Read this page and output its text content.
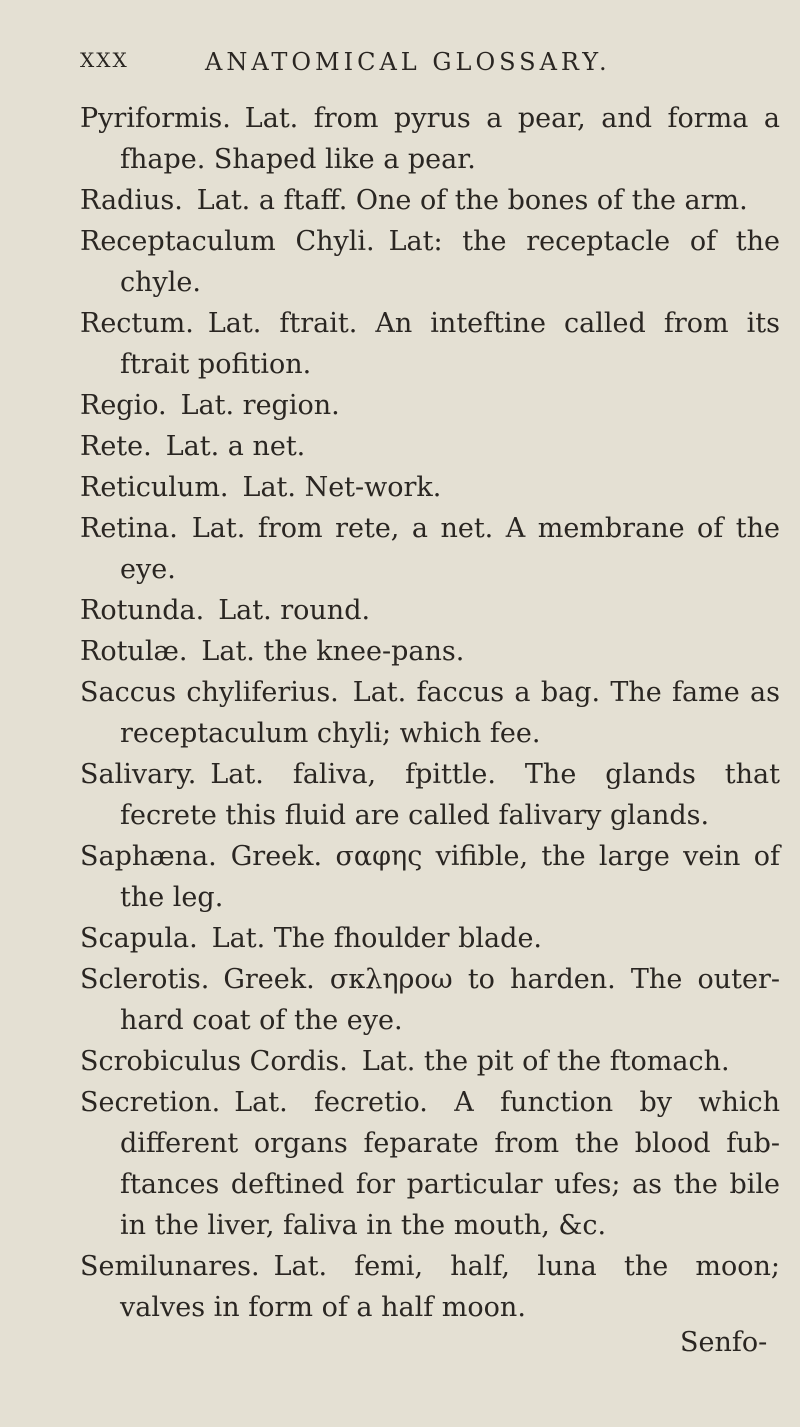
XXX	ANATOMICAL GLOSSARY.

Pyriformis. Lat. from pyrus a pear, and forma a fhape. Shaped like a pear.

Radius. Lat. a ftaff. One of the bones of the arm.

Receptaculum Chyli. Lat: the receptacle of the chyle.

Rectum. Lat. ftrait. An inteftine called from its ftrait pofition.

Regio. Lat. region.

Rete. Lat. a net.

Reticulum. Lat. Net-work.

Retina. Lat. from rete, a net. A membrane of the eye.

Rotunda. Lat. round.

Rotulæ. Lat. the knee-pans.

Saccus chyliferius. Lat. faccus a bag. The fame as receptaculum chyli; which fee.

Salivary. Lat. faliva, fpittle. The glands that fecrete this fluid are called falivary glands.

Saphæna. Greek. σαφης vifible, the large vein of the leg.

Scapula. Lat. The fhoulder blade.

Sclerotis. Greek. σκληροω to harden. The outer-hard coat of the eye.

Scrobiculus Cordis. Lat. the pit of the ftomach.

Secretion. Lat. fecretio. A function by which different organs feparate from the blood fub-ftances deftined for particular ufes; as the bile in the liver, faliva in the mouth, &c.

Semilunares. Lat. femi, half, luna the moon; valves in form of a half moon.

Senfo-
